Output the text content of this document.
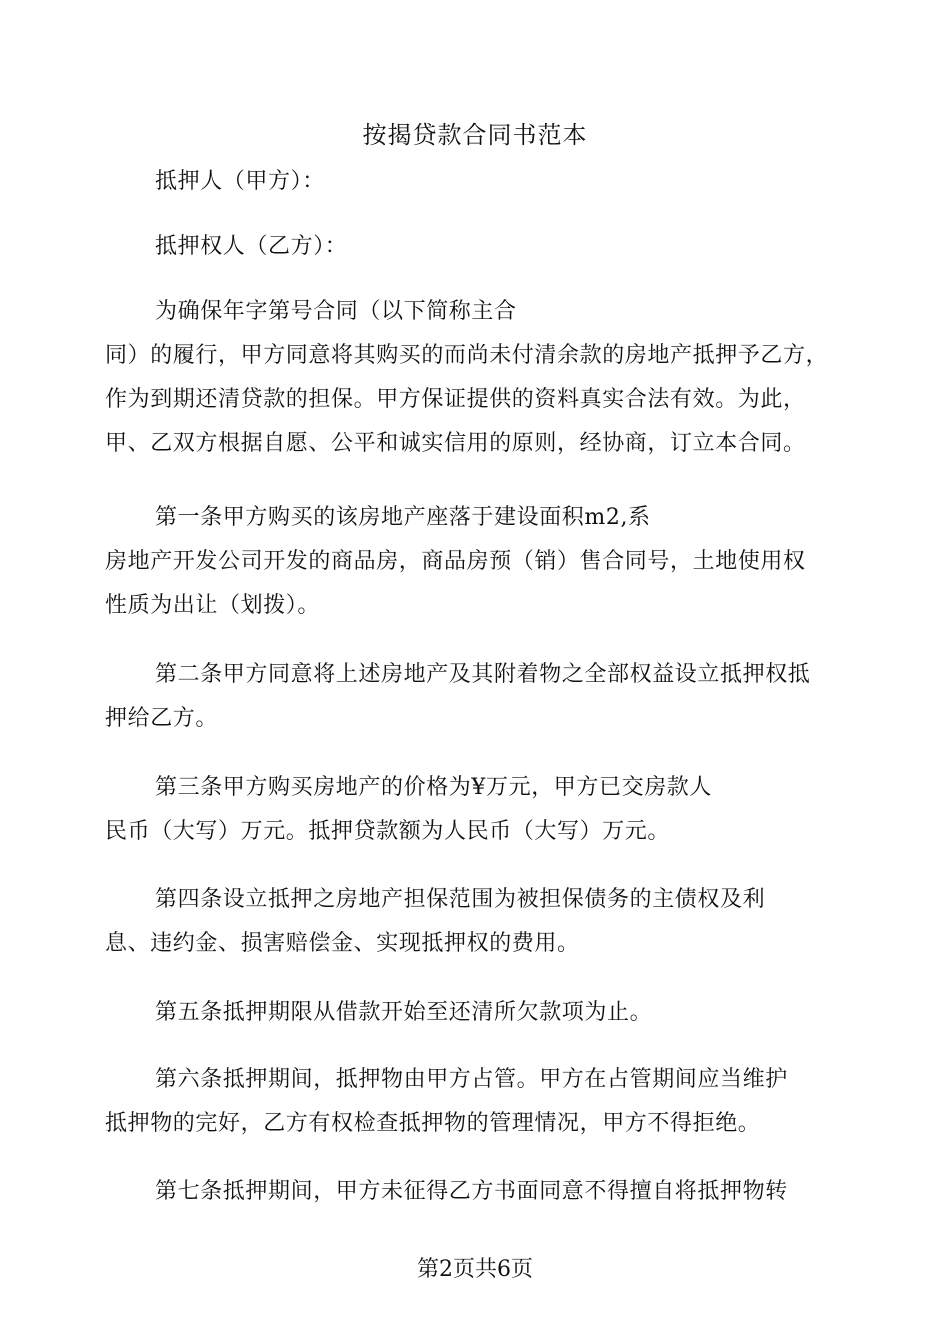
按揭贷款合同书范本
抵押人（甲方）：
抵押权人（乙方）：
为确保年字第号合同（以下简称主合
同）的履行，甲方同意将其购买的而尚未付清余款的房地产抵押予乙方，
作为到期还清贷款的担保。甲方保证提供的资料真实合法有效。为此，
甲、乙双方根据自愿、公平和诚实信用的原则，经协商，订立本合同。
第一条甲方购买的该房地产座落于建设面积m2,系
房地产开发公司开发的商品房，商品房预（销）售合同号，土地使用权
性质为出让（划拨）。
第二条甲方同意将上述房地产及其附着物之全部权益设立抵押权抵
押给乙方。
第三条甲方购买房地产的价格为¥万元，甲方已交房款人
民币（大写）万元。抵押贷款额为人民币（大写）万元。
第四条设立抵押之房地产担保范围为被担保债务的主债权及利
息、违约金、损害赔偿金、实现抵押权的费用。
第五条抵押期限从借款开始至还清所欠款项为止。
第六条抵押期间，抵押物由甲方占管。甲方在占管期间应当维护
抵押物的完好，乙方有权检查抵押物的管理情况，甲方不得拒绝。
第七条抵押期间，甲方未征得乙方书面同意不得擅自将抵押物转
第2页共6页
